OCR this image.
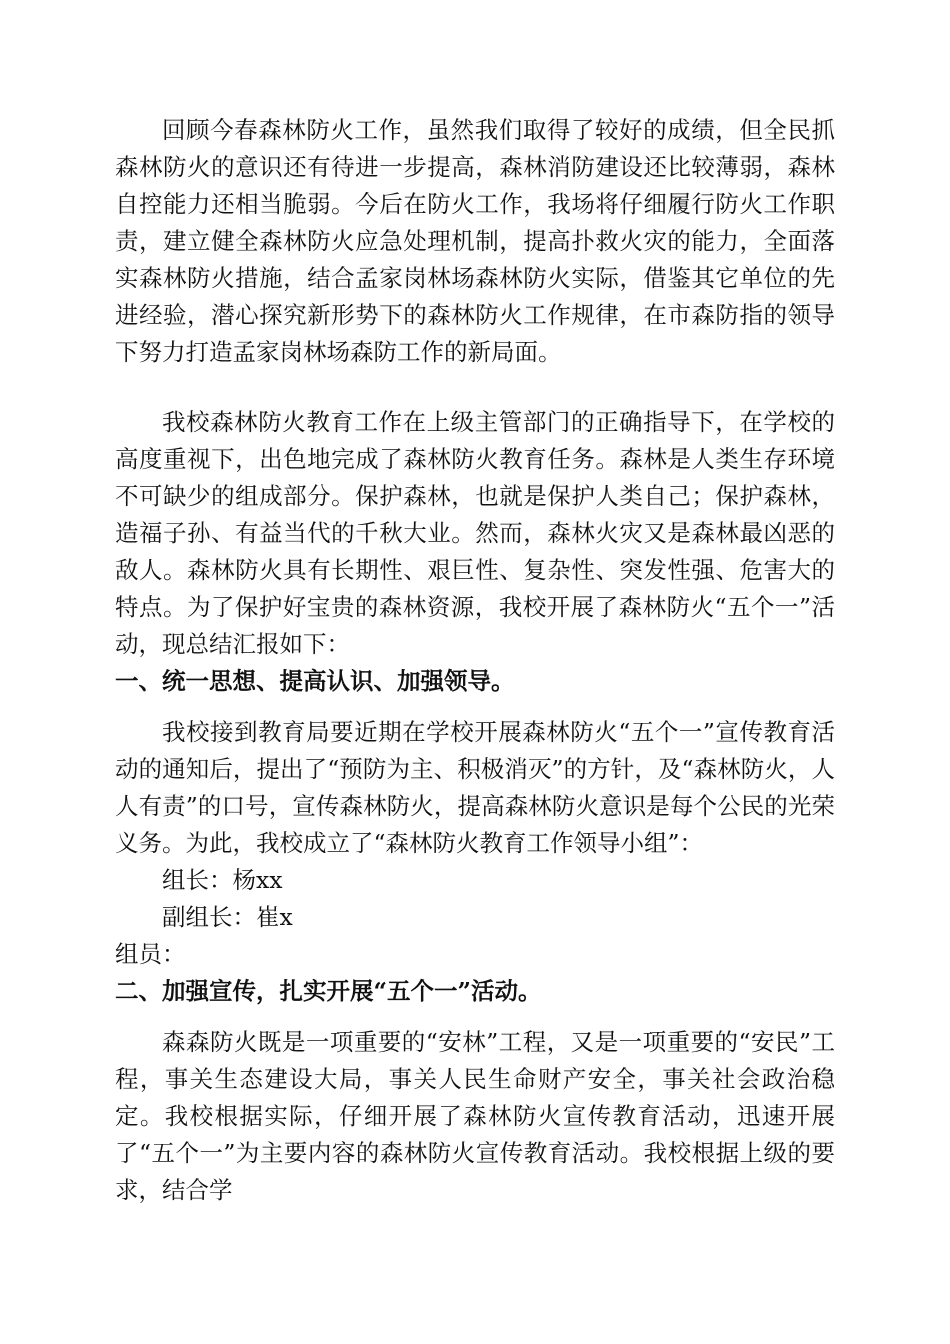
回顾今春森林防火工作，虽然我们取得了较好的成绩，但全民抓森林防火的意识还有待进一步提高，森林消防建设还比较薄弱，森林自控能力还相当脆弱。今后在防火工作，我场将仔细履行防火工作职责，建立健全森林防火应急处理机制，提高扑救火灾的能力，全面落实森林防火措施，结合孟家岗林场森林防火实际，借鉴其它单位的先进经验，潜心探究新形势下的森林防火工作规律，在市森防指的领导下努力打造孟家岗林场森防工作的新局面。

我校森林防火教育工作在上级主管部门的正确指导下，在学校的高度重视下，出色地完成了森林防火教育任务。森林是人类生存环境不可缺少的组成部分。保护森林，也就是保护人类自己；保护森林，造福子孙、有益当代的千秋大业。然而，森林火灾又是森林最凶恶的敌人。森林防火具有长期性、艰巨性、复杂性、突发性强、危害大的特点。为了保护好宝贵的森林资源，我校开展了森林防火“五个一”活动，现总结汇报如下：

一、统一思想、提高认识、加强领导。

我校接到教育局要近期在学校开展森林防火“五个一”宣传教育活动的通知后，提出了“预防为主、积极消灭”的方针，及“森林防火，人人有责”的口号，宣传森林防火，提高森林防火意识是每个公民的光荣义务。为此，我校成立了“森林防火教育工作领导小组”：

组长：杨xx

副组长：崔x

组员：

二、加强宣传，扎实开展“五个一”活动。

森森防火既是一项重要的“安林”工程，又是一项重要的“安民”工程，事关生态建设大局，事关人民生命财产安全，事关社会政治稳定。我校根据实际，仔细开展了森林防火宣传教育活动，迅速开展了“五个一”为主要内容的森林防火宣传教育活动。我校根据上级的要求，结合学
